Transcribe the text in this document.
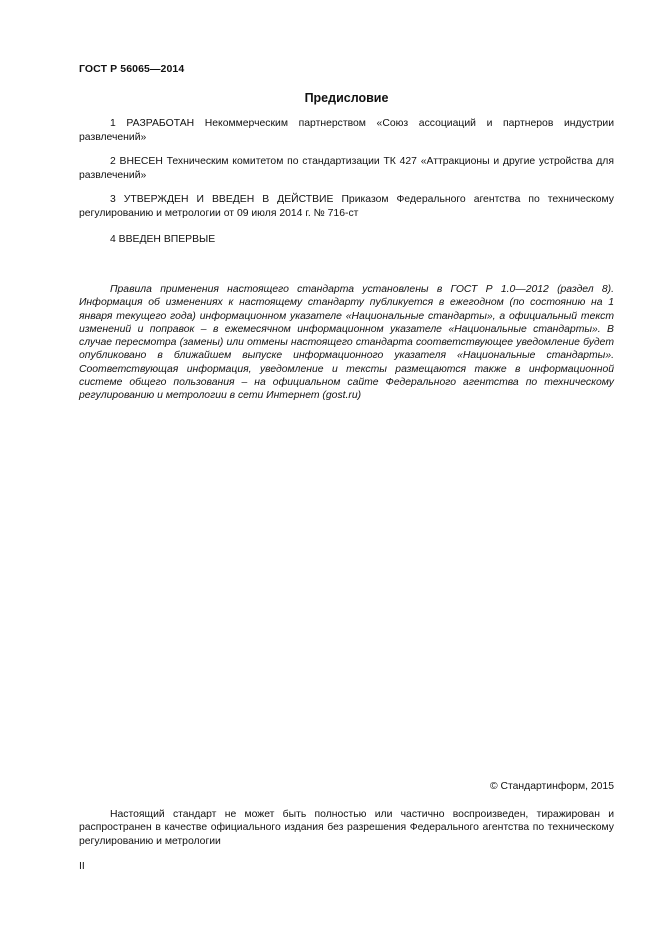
ГОСТ Р 56065—2014
Предисловие

1 РАЗРАБОТАН Некоммерческим партнерством «Союз ассоциаций и партнеров индустрии развлечений»

2 ВНЕСЕН Техническим комитетом по стандартизации ТК 427 «Аттракционы и другие устройства для развлечений»

3 УТВЕРЖДЕН И ВВЕДЕН В ДЕЙСТВИЕ Приказом Федерального агентства по техническому регулированию и метрологии от 09 июля 2014 г. № 716-ст

4 ВВЕДЕН ВПЕРВЫЕ

Правила применения настоящего стандарта установлены в ГОСТ Р 1.0—2012 (раздел 8). Информация об изменениях к настоящему стандарту публикуется в ежегодном (по состоянию на 1 января текущего года) информационном указателе «Национальные стандарты», а официальный текст изменений и поправок – в ежемесячном информационном указателе «Национальные стандарты». В случае пересмотра (замены) или отмены настоящего стандарта соответствующее уведомление будет опубликовано в ближайшем выпуске информационного указателя «Национальные стандарты». Соответствующая информация, уведомление и тексты размещаются также в информационной системе общего пользования – на официальном сайте Федерального агентства по техническому регулированию и метрологии в сети Интернет (gost.ru)

© Стандартинформ, 2015

Настоящий стандарт не может быть полностью или частично воспроизведен, тиражирован и распространен в качестве официального издания без разрешения Федерального агентства по техническому регулированию и метрологии

II
